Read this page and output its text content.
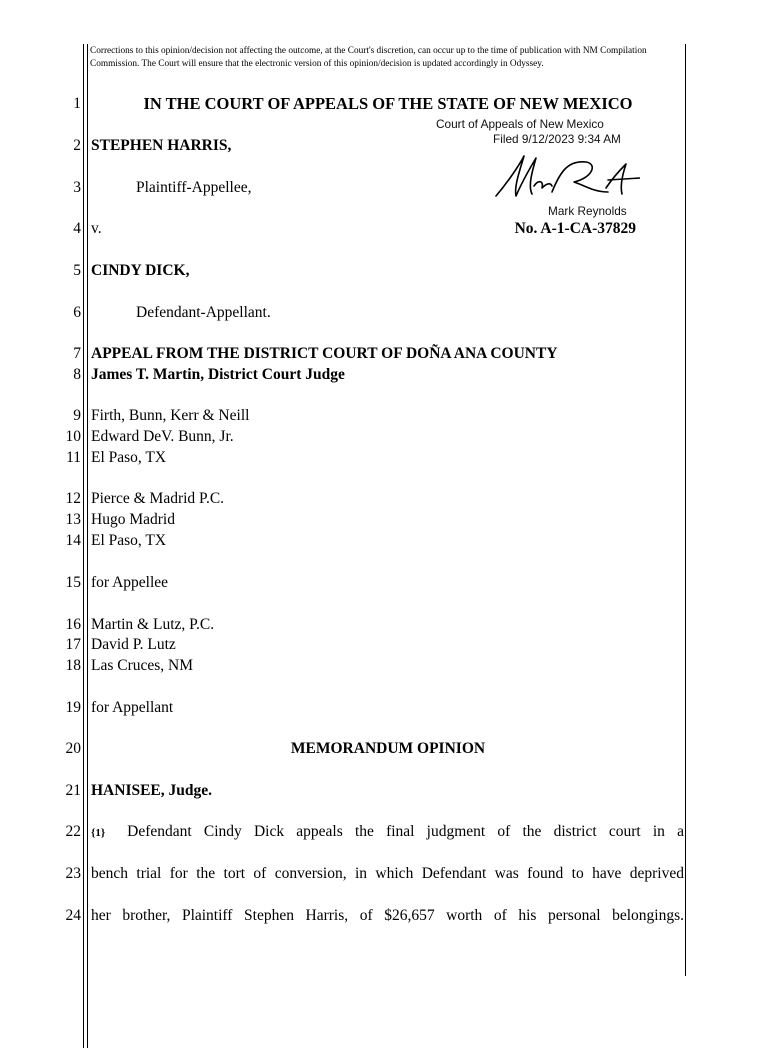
Corrections to this opinion/decision not affecting the outcome, at the Court's discretion, can occur up to the time of publication with NM Compilation Commission. The Court will ensure that the electronic version of this opinion/decision is updated accordingly in Odyssey.
1
2
3
4
5
6
7
8
9
10
11
12
13
14
15
16
17
18
19
20
21
22
23
24
IN THE COURT OF APPEALS OF THE STATE OF NEW MEXICO
Court of Appeals of New Mexico
Filed 9/12/2023 9:34 AM
Mark Reynolds
STEPHEN HARRIS,
Plaintiff-Appellee,
v.	No. A-1-CA-37829
CINDY DICK,
Defendant-Appellant.
APPEAL FROM THE DISTRICT COURT OF DOÑA ANA COUNTY
James T. Martin, District Court Judge
Firth, Bunn, Kerr & Neill
Edward DeV. Bunn, Jr.
El Paso, TX
Pierce & Madrid P.C.
Hugo Madrid
El Paso, TX
for Appellee
Martin & Lutz, P.C.
David P. Lutz
Las Cruces, NM
for Appellant
MEMORANDUM OPINION
HANISEE, Judge.
{1} Defendant Cindy Dick appeals the final judgment of the district court in a
bench trial for the tort of conversion, in which Defendant was found to have deprived
her brother, Plaintiff Stephen Harris, of $26,657 worth of his personal belongings.
